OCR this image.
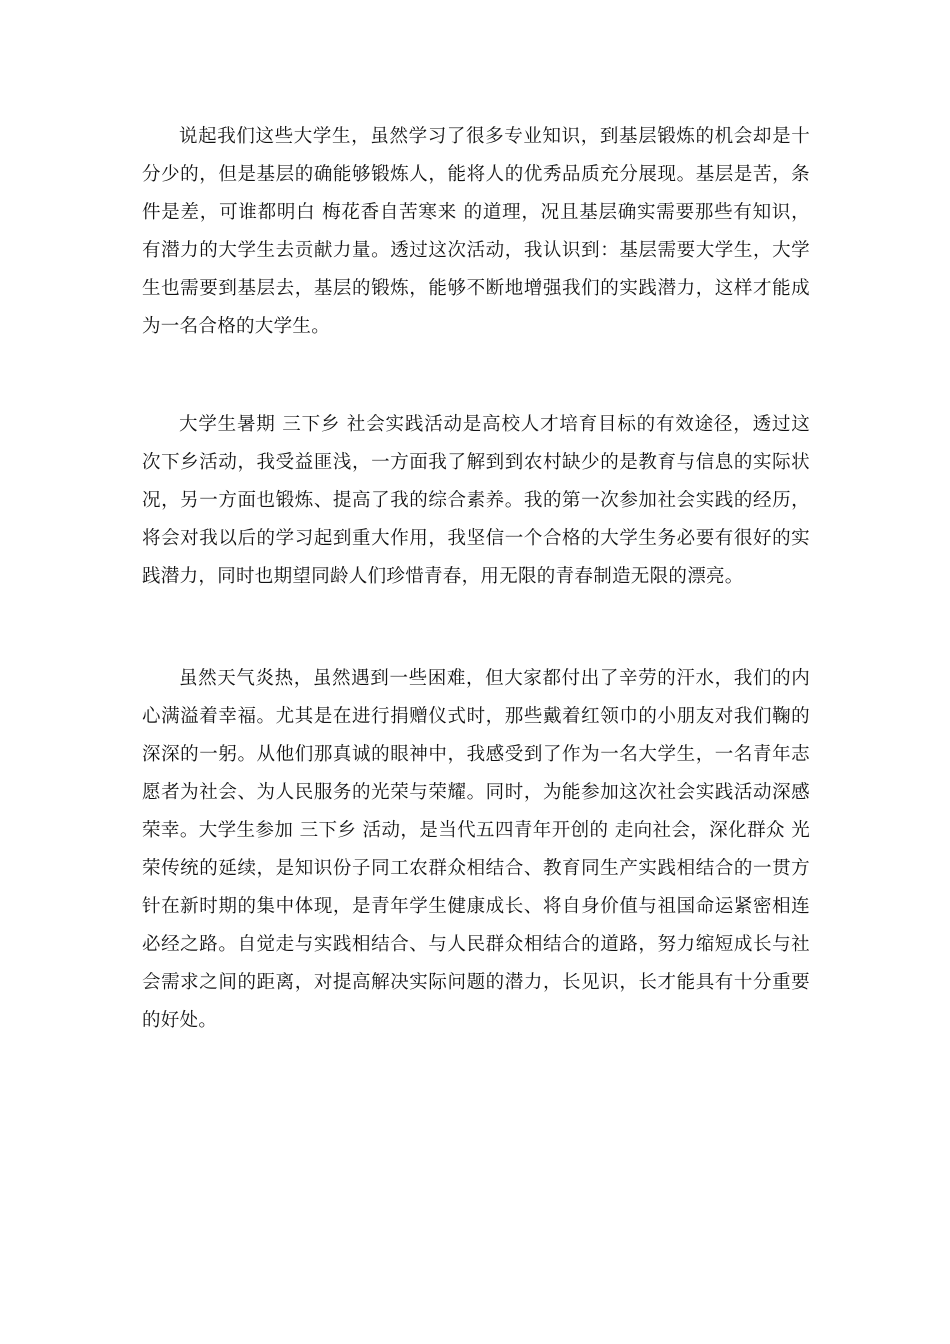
说起我们这些大学生，虽然学习了很多专业知识，到基层锻炼的机会却是十分少的，但是基层的确能够锻炼人，能将人的优秀品质充分展现。基层是苦，条件是差，可谁都明白 梅花香自苦寒来 的道理，况且基层确实需要那些有知识，有潜力的大学生去贡献力量。透过这次活动，我认识到：基层需要大学生，大学生也需要到基层去，基层的锻炼，能够不断地增强我们的实践潜力，这样才能成为一名合格的大学生。

大学生暑期 三下乡 社会实践活动是高校人才培育目标的有效途径，透过这次下乡活动，我受益匪浅，一方面我了解到到农村缺少的是教育与信息的实际状况，另一方面也锻炼、提高了我的综合素养。我的第一次参加社会实践的经历，将会对我以后的学习起到重大作用，我坚信一个合格的大学生务必要有很好的实践潜力，同时也期望同龄人们珍惜青春，用无限的青春制造无限的漂亮。

虽然天气炎热，虽然遇到一些困难，但大家都付出了辛劳的汗水，我们的内心满溢着幸福。尤其是在进行捐赠仪式时，那些戴着红领巾的小朋友对我们鞠的深深的一躬。从他们那真诚的眼神中，我感受到了作为一名大学生，一名青年志愿者为社会、为人民服务的光荣与荣耀。同时，为能参加这次社会实践活动深感荣幸。大学生参加 三下乡 活动，是当代五四青年开创的 走向社会，深化群众 光荣传统的延续，是知识份子同工农群众相结合、教育同生产实践相结合的一贯方针在新时期的集中体现，是青年学生健康成长、将自身价值与祖国命运紧密相连必经之路。自觉走与实践相结合、与人民群众相结合的道路，努力缩短成长与社会需求之间的距离，对提高解决实际问题的潜力，长见识，长才能具有十分重要的好处。
